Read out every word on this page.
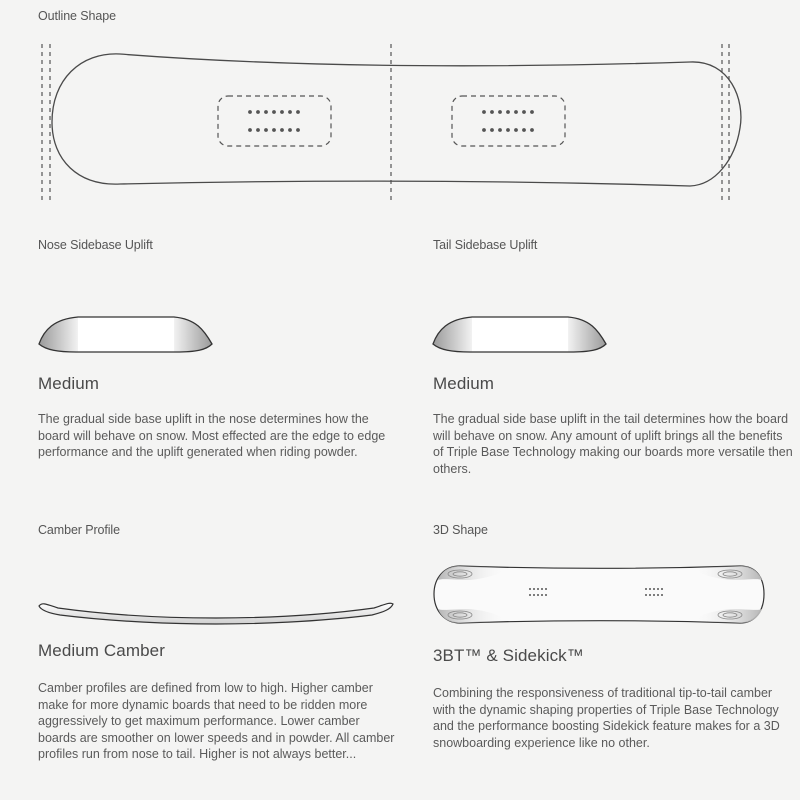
Outline Shape
Nose Sidebase Uplift
Medium
The gradual side base uplift in the nose determines how the board will behave on snow. Most effected are the edge to edge performance and the uplift generated when riding powder.
Tail Sidebase Uplift
Medium
The gradual side base uplift in the tail determines how the board will behave on snow. Any amount of uplift brings all the benefits of Triple Base Technology making our boards more versatile then others.
Camber Profile
Medium Camber
Camber profiles are defined from low to high. Higher camber make for more dynamic boards that need to be ridden more aggressively to get maximum performance. Lower camber boards are smoother on lower speeds and in powder. All camber profiles run from nose to tail. Higher is not always better...
3D Shape
3BT™ & Sidekick™
Combining the responsiveness of traditional tip-to-tail camber with the dynamic shaping properties of Triple Base Technology and the performance boosting Sidekick feature makes for a 3D snowboarding experience like no other.
